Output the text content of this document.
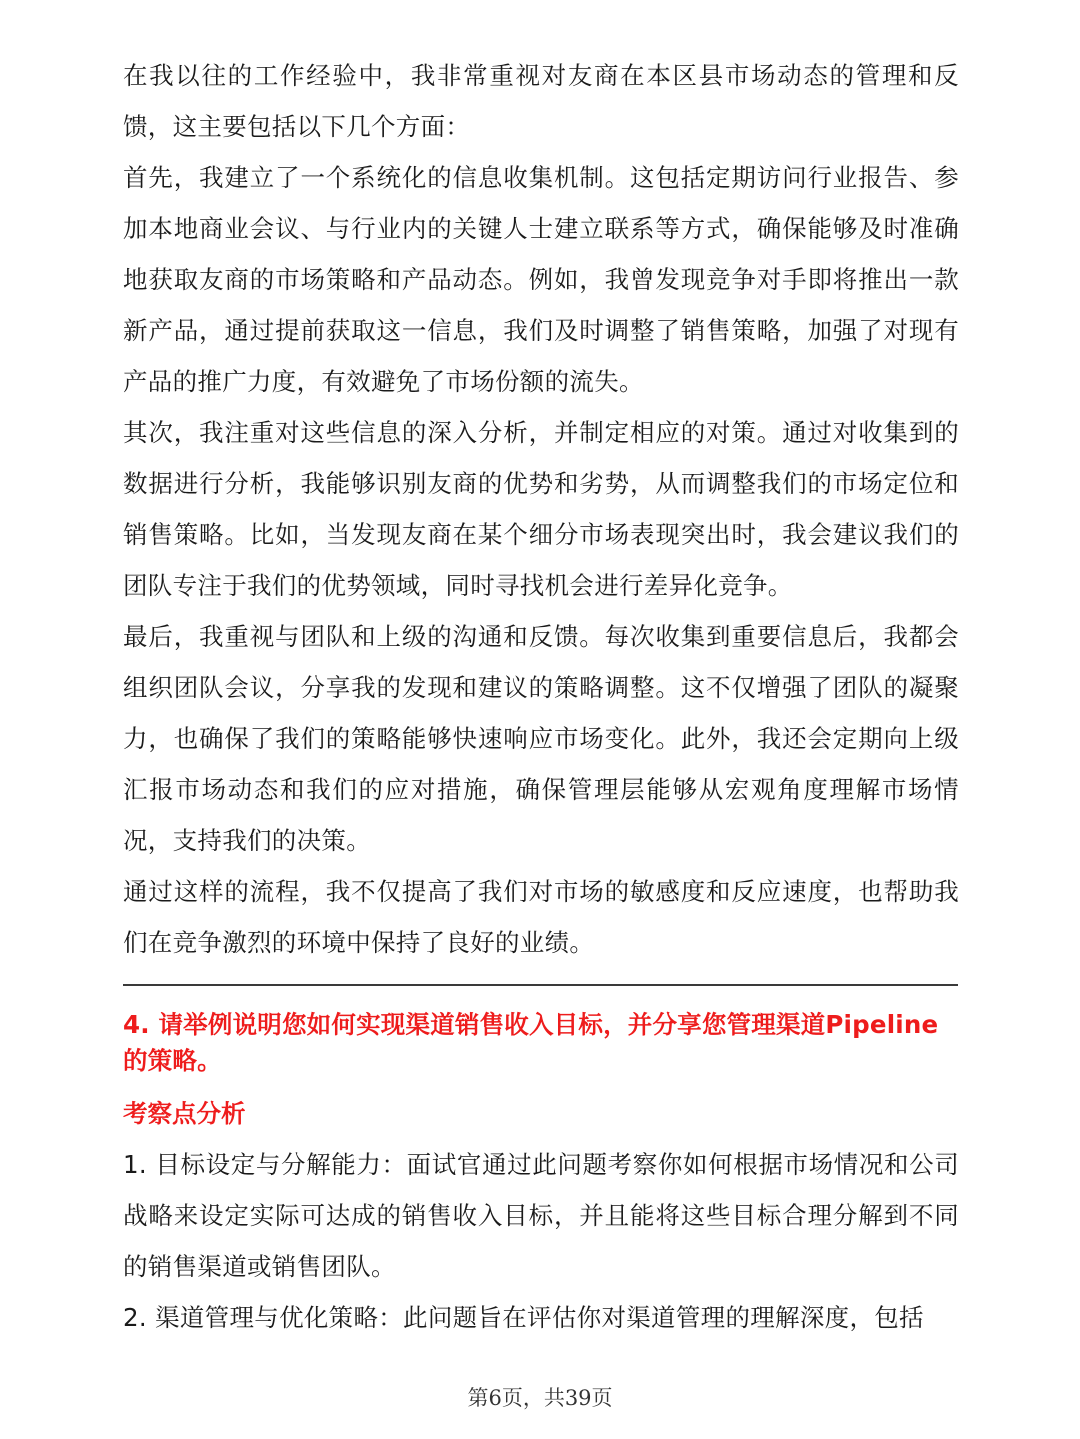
在我以往的工作经验中，我非常重视对友商在本区县市场动态的管理和反馈，这主要包括以下几个方面：

首先，我建立了一个系统化的信息收集机制。这包括定期访问行业报告、参加本地商业会议、与行业内的关键人士建立联系等方式，确保能够及时准确地获取友商的市场策略和产品动态。例如，我曾发现竞争对手即将推出一款新产品，通过提前获取这一信息，我们及时调整了销售策略，加强了对现有产品的推广力度，有效避免了市场份额的流失。

其次，我注重对这些信息的深入分析，并制定相应的对策。通过对收集到的数据进行分析，我能够识别友商的优势和劣势，从而调整我们的市场定位和销售策略。比如，当发现友商在某个细分市场表现突出时，我会建议我们的团队专注于我们的优势领域，同时寻找机会进行差异化竞争。

最后，我重视与团队和上级的沟通和反馈。每次收集到重要信息后，我都会组织团队会议，分享我的发现和建议的策略调整。这不仅增强了团队的凝聚力，也确保了我们的策略能够快速响应市场变化。此外，我还会定期向上级汇报市场动态和我们的应对措施，确保管理层能够从宏观角度理解市场情况，支持我们的决策。

通过这样的流程，我不仅提高了我们对市场的敏感度和反应速度，也帮助我们在竞争激烈的环境中保持了良好的业绩。

4. 请举例说明您如何实现渠道销售收入目标，并分享您管理渠道Pipeline的策略。
考察点分析

1. 目标设定与分解能力：面试官通过此问题考察你如何根据市场情况和公司战略来设定实际可达成的销售收入目标，并且能将这些目标合理分解到不同的销售渠道或销售团队。

2. 渠道管理与优化策略：此问题旨在评估你对渠道管理的理解深度，包括

第6页，共39页
